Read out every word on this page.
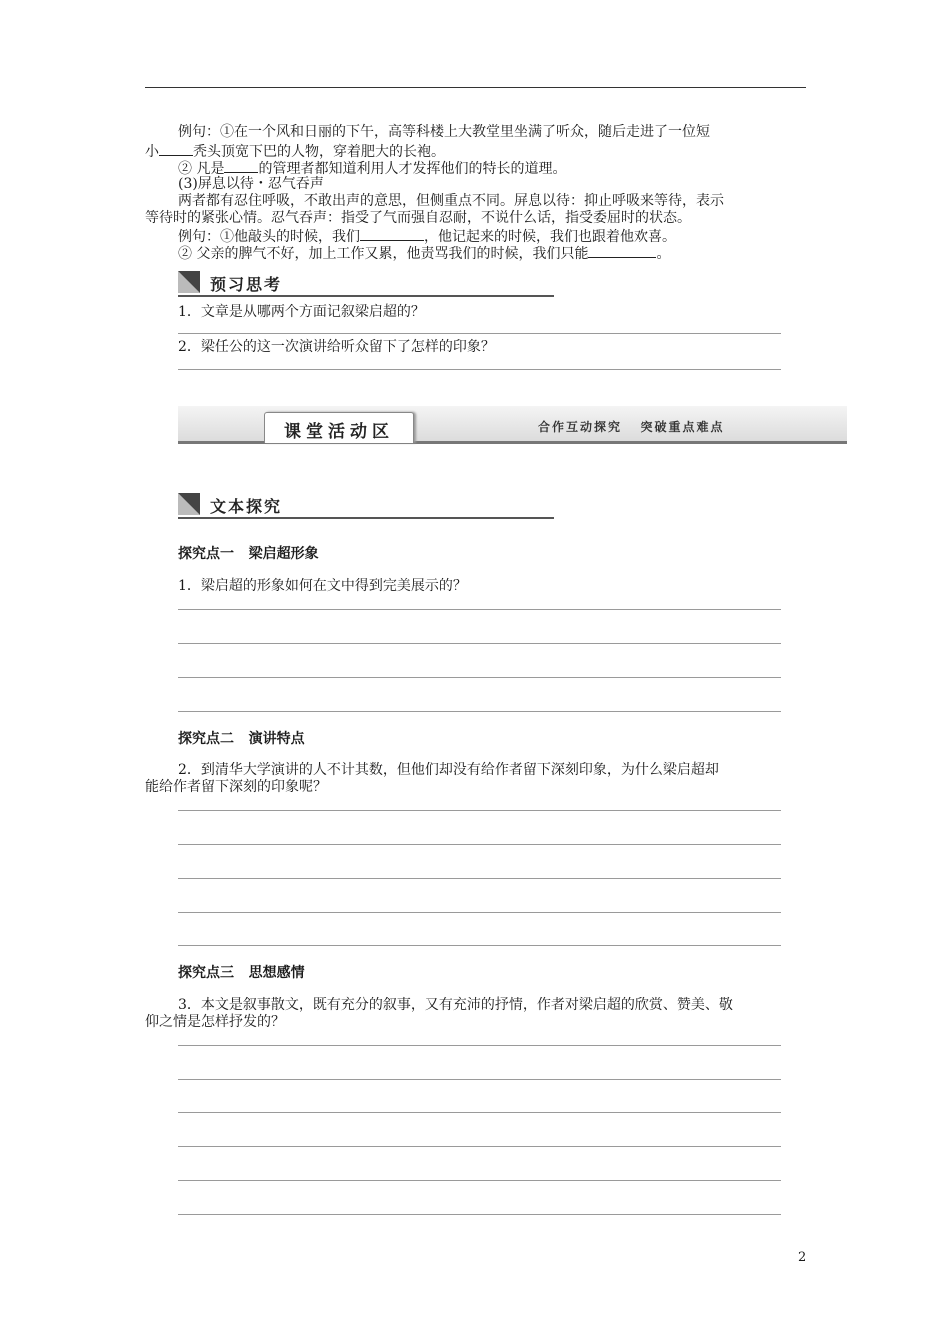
例句：①在一个风和日丽的下午，高等科楼上大教堂里坐满了听众，随后走进了一位短
小 秃头顶宽下巴的人物，穿着肥大的长袍。
② 凡是 的管理者都知道利用人才发挥他们的特长的道理。
(3)屏息以待・忍气吞声
两者都有忍住呼吸，不敢出声的意思，但侧重点不同。屏息以待：抑止呼吸来等待，表示
等待时的紧张心情。忍气吞声：指受了气而强自忍耐，不说什么话，指受委屈时的状态。
例句：①他敲头的时候，我们	，他记起来的时候，我们也跟着他欢喜。
② 父亲的脾气不好，加上工作又累，他责骂我们的时候，我们只能	。
预习思考
1．文章是从哪两个方面记叙梁启超的？
2．梁任公的这一次演讲给听众留下了怎样的印象？
课堂活动区	合作互动探究   突破重点难点
文本探究
探究点一   梁启超形象
1．梁启超的形象如何在文中得到完美展示的？
探究点二   演讲特点
2．到清华大学演讲的人不计其数，但他们却没有给作者留下深刻印象，为什么梁启超却
能给作者留下深刻的印象呢？
探究点三   思想感情
3．本文是叙事散文，既有充分的叙事，又有充沛的抒情，作者对梁启超的欣赏、赞美、敬
仰之情是怎样抒发的？
2
